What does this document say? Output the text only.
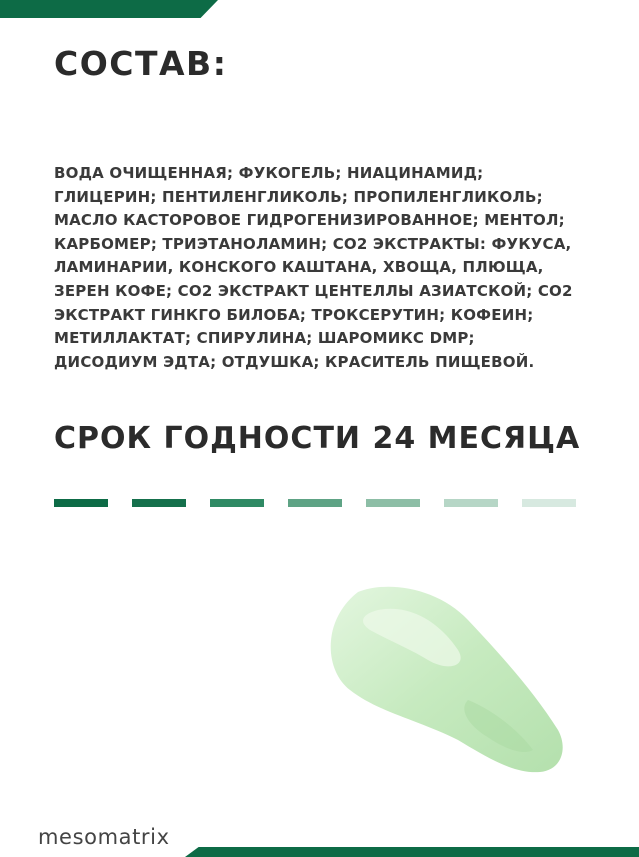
СОСТАВ:
ВОДА ОЧИЩЕННАЯ; ФУКОГЕЛЬ; НИАЦИНАМИД;
ГЛИЦЕРИН; ПЕНТИЛЕНГЛИКОЛЬ; ПРОПИЛЕНГЛИКОЛЬ;
МАСЛО КАСТОРОВОЕ ГИДРОГЕНИЗИРОВАННОЕ; МЕНТОЛ;
КАРБОМЕР; ТРИЭТАНОЛАМИН; CO2 ЭКСТРАКТЫ: ФУКУСА,
ЛАМИНАРИИ, КОНСКОГО КАШТАНА, ХВОЩА, ПЛЮЩА,
ЗЕРЕН КОФЕ; CO2 ЭКСТРАКТ ЦЕНТЕЛЛЫ АЗИАТСКОЙ; CO2
ЭКСТРАКТ ГИНКГО БИЛОБА; ТРОКСЕРУТИН; КОФЕИН;
МЕТИЛЛАКТАТ; СПИРУЛИНА; ШАРОМИКС DMP;
ДИСОДИУМ ЭДТА; ОТДУШКА; КРАСИТЕЛЬ ПИЩЕВОЙ.
СРОК ГОДНОСТИ 24 МЕСЯЦА
mesomatrix
